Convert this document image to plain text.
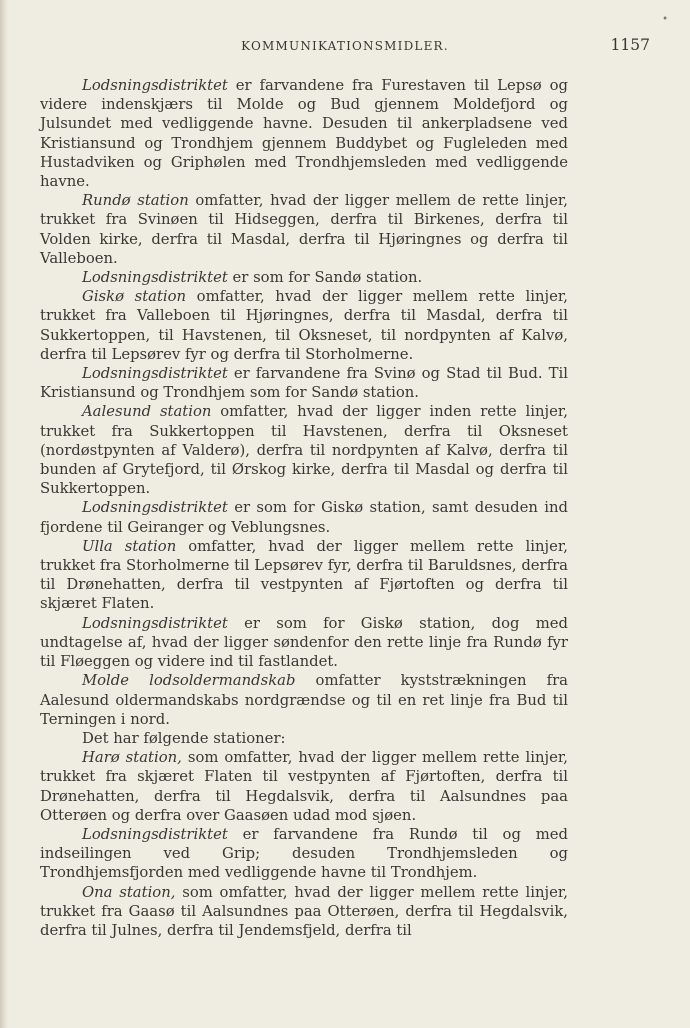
KOMMUNIKATIONSMIDLER.	1157
•

Lodsningsdistriktet er farvandene fra Furestaven til Lepsø og videre indenskjærs til Molde og Bud gjennem Moldefjord og Julsundet med vedliggende havne. Desuden til ankerpladsene ved Kristiansund og Trondhjem gjennem Buddybet og Fugleleden med Hustadviken og Griphølen med Trondhjemsleden med vedliggende havne.

Rundø station omfatter, hvad der ligger mellem de rette linjer, trukket fra Svinøen til Hidseggen, derfra til Birkenes, derfra til Volden kirke, derfra til Masdal, derfra til Hjøringnes og derfra til Valleboen.

Lodsningsdistriktet er som for Sandø station.

Giskø station omfatter, hvad der ligger mellem rette linjer, trukket fra Valleboen til Hjøringnes, derfra til Masdal, derfra til Sukkertoppen, til Havstenen, til Oksneset, til nordpynten af Kalvø, derfra til Lepsørev fyr og derfra til Storholmerne.

Lodsningsdistriktet er farvandene fra Svinø og Stad til Bud. Til Kristiansund og Trondhjem som for Sandø station.

Aalesund station omfatter, hvad der ligger inden rette linjer, trukket fra Sukkertoppen til Havstenen, derfra til Oksneset (nordøstpynten af Valderø), derfra til nordpynten af Kalvø, derfra til bunden af Grytefjord, til Ørskog kirke, derfra til Masdal og derfra til Sukkertoppen.

Lodsningsdistriktet er som for Giskø station, samt desuden ind fjordene til Geiranger og Veblungsnes.

Ulla station omfatter, hvad der ligger mellem rette linjer, trukket fra Storholmerne til Lepsørev fyr, derfra til Baruldsnes, derfra til Drønehatten, derfra til vestpynten af Fjørtoften og derfra til skjæret Flaten.

Lodsningsdistriktet er som for Giskø station, dog med undtagelse af, hvad der ligger søndenfor den rette linje fra Rundø fyr til Fløeggen og videre ind til fastlandet.

Molde lodsoldermandskab omfatter kyststrækningen fra Aalesund oldermandskabs nordgrændse og til en ret linje fra Bud til Terningen i nord.

Det har følgende stationer:

Harø station, som omfatter, hvad der ligger mellem rette linjer, trukket fra skjæret Flaten til vestpynten af Fjørtoften, derfra til Drønehatten, derfra til Hegdalsvik, derfra til Aalsundnes paa Otterøen og derfra over Gaasøen udad mod sjøen.

Lodsningsdistriktet er farvandene fra Rundø til og med indseilingen ved Grip; desuden Trondhjemsleden og Trondhjemsfjorden med vedliggende havne til Trondhjem.

Ona station, som omfatter, hvad der ligger mellem rette linjer, trukket fra Gaasø til Aalsundnes paa Otterøen, derfra til Hegdalsvik, derfra til Julnes, derfra til Jendemsfjeld, derfra til
